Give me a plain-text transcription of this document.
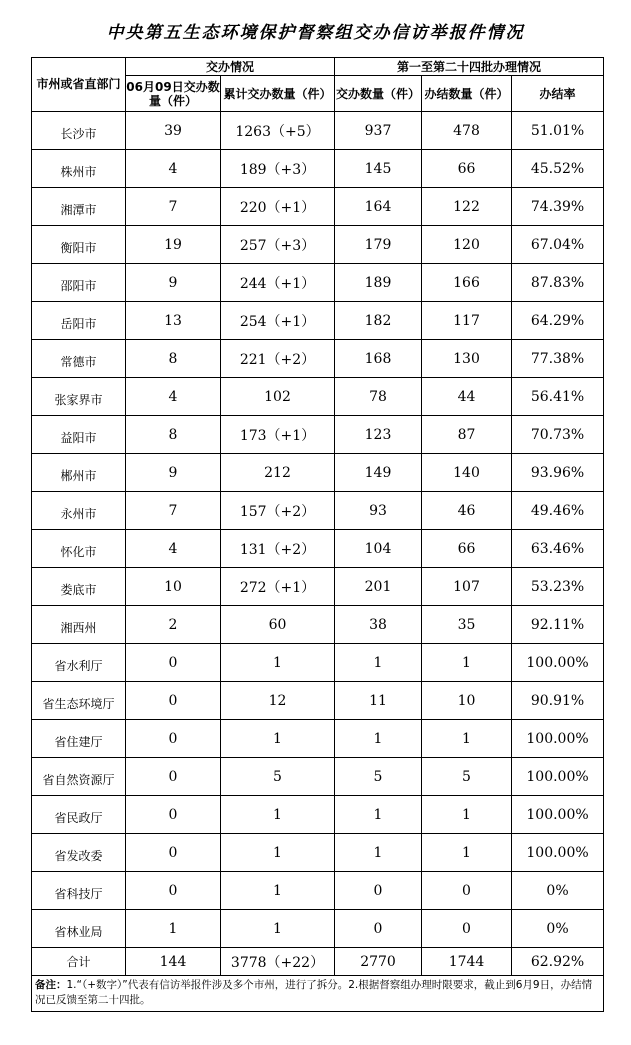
中央第五生态环境保护督察组交办信访举报件情况
市州或省直部门	交办情况		第一至第二十四批办理情况		
	06月09日交办数量（件）	累计交办数量（件）	交办数量（件）	办结数量（件）	办结率
长沙市	39	1263（+5）	937	478	51.01%
株州市	4	189（+3）	145	66	45.52%
湘潭市	7	220（+1）	164	122	74.39%
衡阳市	19	257（+3）	179	120	67.04%
邵阳市	9	244（+1）	189	166	87.83%
岳阳市	13	254（+1）	182	117	64.29%
常德市	8	221（+2）	168	130	77.38%
张家界市	4	102	78	44	56.41%
益阳市	8	173（+1）	123	87	70.73%
郴州市	9	212	149	140	93.96%
永州市	7	157（+2）	93	46	49.46%
怀化市	4	131（+2）	104	66	63.46%
娄底市	10	272（+1）	201	107	53.23%
湘西州	2	60	38	35	92.11%
省水利厅	0	1	1	1	100.00%
省生态环境厅	0	12	11	10	90.91%
省住建厅	0	1	1	1	100.00%
省自然资源厅	0	5	5	5	100.00%
省民政厅	0	1	1	1	100.00%
省发改委	0	1	1	1	100.00%
省科技厅	0	1	0	0	0%
省林业局	1	1	0	0	0%
合计	144	3778（+22）	2770	1744	62.92%
备注：1.“（+数字）”代表有信访举报件涉及多个市州，进行了拆分。2.根据督察组办理时限要求，截止到6月9日，办结情况已反馈至第二十四批。					
